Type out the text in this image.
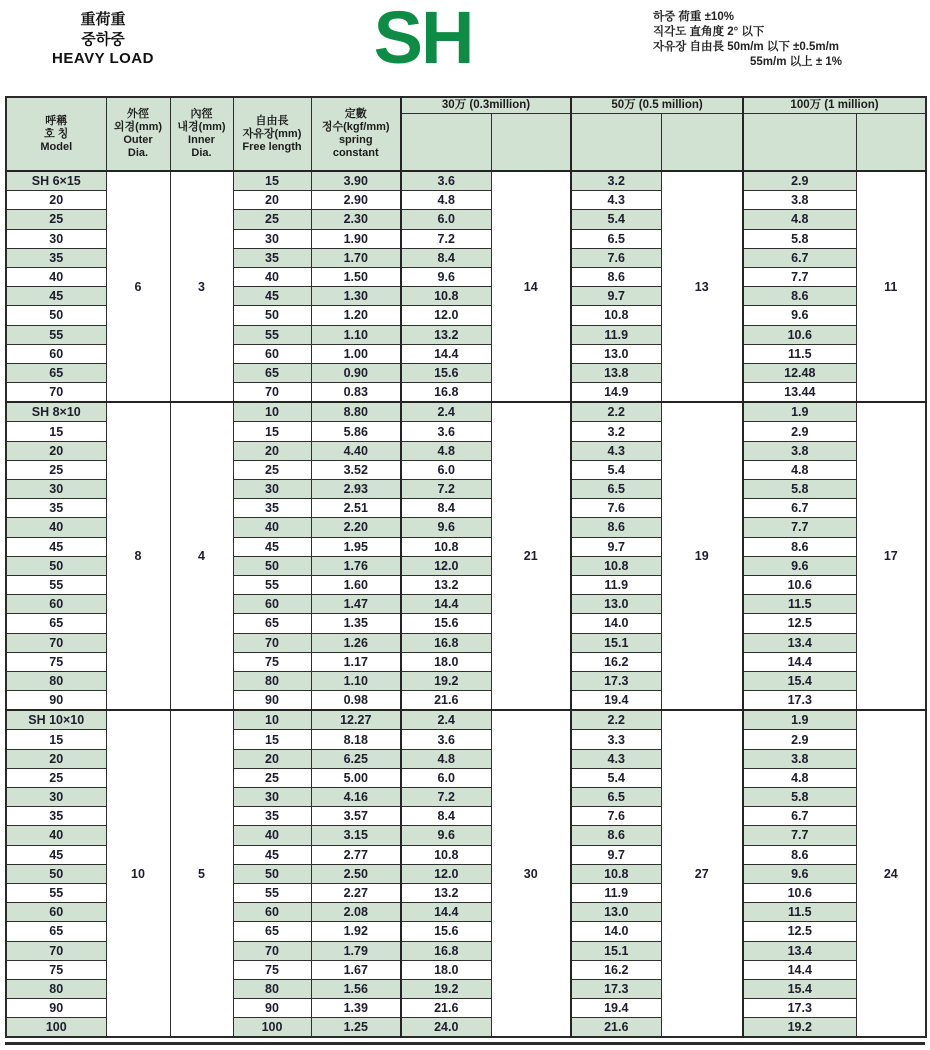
重荷重
중하중
HEAVY LOAD	SH	하중 荷重 ±10%
직각도 直角度 2° 以下
자유장 自由長 50m/m 以下 ±0.5m/m
55m/m 以上 ± 1%
呼稱
호 칭
Model

外徑
외경(mm)
Outer
Dia.

內徑
내경(mm)
Inner
Dia.

自由長
자유장(mm)
Free length

定數
정수(kgf/mm)
spring
constant

30万 (0.3million)	50万 (0.5 million)	100万 (1 million)

SH 6×15	6	3	15	3.90	3.6	14	3.2	13	2.9	11
20			20	2.90	4.8		4.3		3.8	
25			25	2.30	6.0		5.4		4.8	
30			30	1.90	7.2		6.5		5.8	
35			35	1.70	8.4		7.6		6.7	
40			40	1.50	9.6		8.6		7.7	
45			45	1.30	10.8		9.7		8.6	
50			50	1.20	12.0		10.8		9.6	
55			55	1.10	13.2		11.9		10.6	
60			60	1.00	14.4		13.0		11.5	
65			65	0.90	15.6		13.8		12.48	
70			70	0.83	16.8		14.9		13.44	
SH 8×10	8	4	10	8.80	2.4	21	2.2	19	1.9	17
15			15	5.86	3.6		3.2		2.9	
20			20	4.40	4.8		4.3		3.8	
25			25	3.52	6.0		5.4		4.8	
30			30	2.93	7.2		6.5		5.8	
35			35	2.51	8.4		7.6		6.7	
40			40	2.20	9.6		8.6		7.7	
45			45	1.95	10.8		9.7		8.6	
50			50	1.76	12.0		10.8		9.6	
55			55	1.60	13.2		11.9		10.6	
60			60	1.47	14.4		13.0		11.5	
65			65	1.35	15.6		14.0		12.5	
70			70	1.26	16.8		15.1		13.4	
75			75	1.17	18.0		16.2		14.4	
80			80	1.10	19.2		17.3		15.4	
90			90	0.98	21.6		19.4		17.3	
SH 10×10	10	5	10	12.27	2.4	30	2.2	27	1.9	24
15			15	8.18	3.6		3.3		2.9	
20			20	6.25	4.8		4.3		3.8	
25			25	5.00	6.0		5.4		4.8	
30			30	4.16	7.2		6.5		5.8	
35			35	3.57	8.4		7.6		6.7	
40			40	3.15	9.6		8.6		7.7	
45			45	2.77	10.8		9.7		8.6	
50			50	2.50	12.0		10.8		9.6	
55			55	2.27	13.2		11.9		10.6	
60			60	2.08	14.4		13.0		11.5	
65			65	1.92	15.6		14.0		12.5	
70			70	1.79	16.8		15.1		13.4	
75			75	1.67	18.0		16.2		14.4	
80			80	1.56	19.2		17.3		15.4	
90			90	1.39	21.6		19.4		17.3	
100			100	1.25	24.0		21.6		19.2	
